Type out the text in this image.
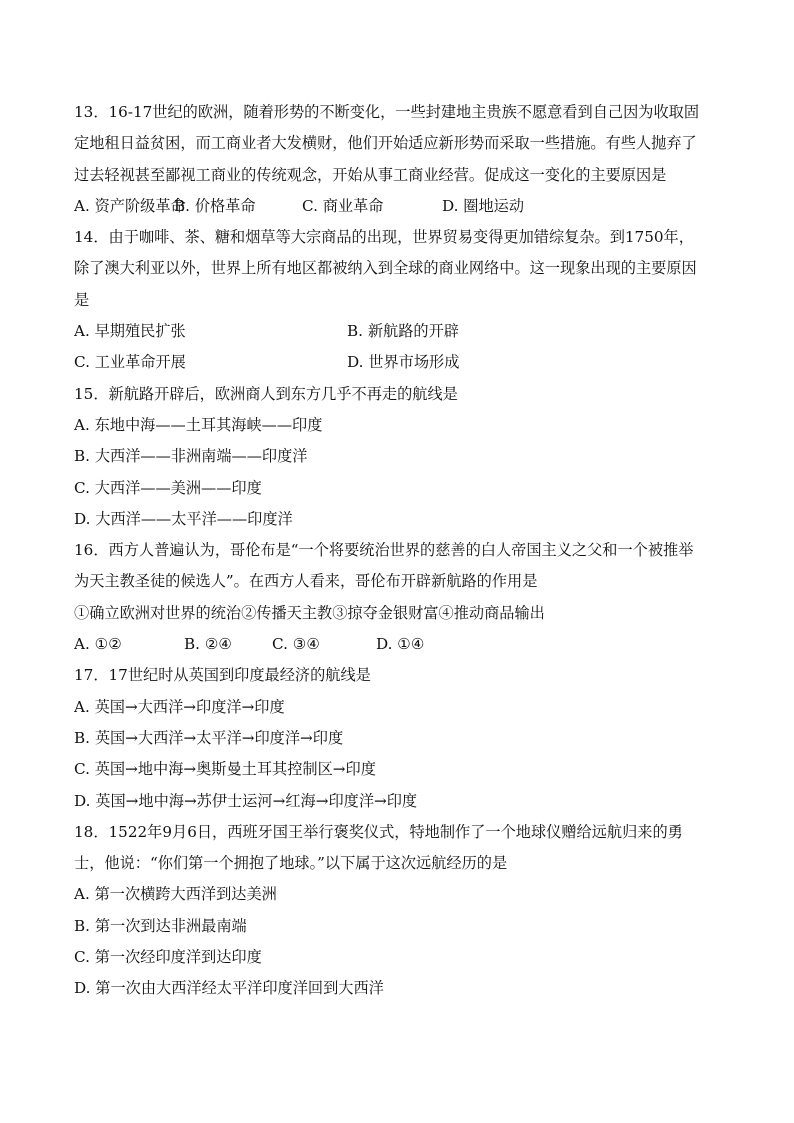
13．16-17世纪的欧洲，随着形势的不断变化，一些封建地主贵族不愿意看到自己因为收取固
定地租日益贫困，而工商业者大发横财，他们开始适应新形势而采取一些措施。有些人抛弃了
过去轻视甚至鄙视工商业的传统观念，开始从事工商业经营。促成这一变化的主要原因是
A. 资产阶级革命
B. 价格革命	C. 商业革命	D. 圈地运动
14．由于咖啡、茶、糖和烟草等大宗商品的出现，世界贸易变得更加错综复杂。到1750年，
除了澳大利亚以外，世界上所有地区都被纳入到全球的商业网络中。这一现象出现的主要原因
是
A. 早期殖民扩张	B. 新航路的开辟
C. 工业革命开展	D. 世界市场形成
15．新航路开辟后，欧洲商人到东方几乎不再走的航线是
A. 东地中海——土耳其海峡——印度
B. 大西洋——非洲南端——印度洋
C. 大西洋——美洲——印度
D. 大西洋——太平洋——印度洋
16．西方人普遍认为，哥伦布是“一个将要统治世界的慈善的白人帝国主义之父和一个被推举
为天主教圣徒的候选人”。在西方人看来，哥伦布开辟新航路的作用是
①确立欧洲对世界的统治②传播天主教③掠夺金银财富④推动商品输出
A. ①②	B. ②④	C. ③④	D. ①④
17．17世纪时从英国到印度最经济的航线是
A. 英国→大西洋→印度洋→印度
B. 英国→大西洋→太平洋→印度洋→印度
C. 英国→地中海→奥斯曼土耳其控制区→印度
D. 英国→地中海→苏伊士运河→红海→印度洋→印度
18．1522年9月6日，西班牙国王举行褒奖仪式，特地制作了一个地球仪赠给远航归来的勇
士，他说：“你们第一个拥抱了地球。”以下属于这次远航经历的是
A. 第一次横跨大西洋到达美洲
B. 第一次到达非洲最南端
C. 第一次经印度洋到达印度
D. 第一次由大西洋经太平洋印度洋回到大西洋
